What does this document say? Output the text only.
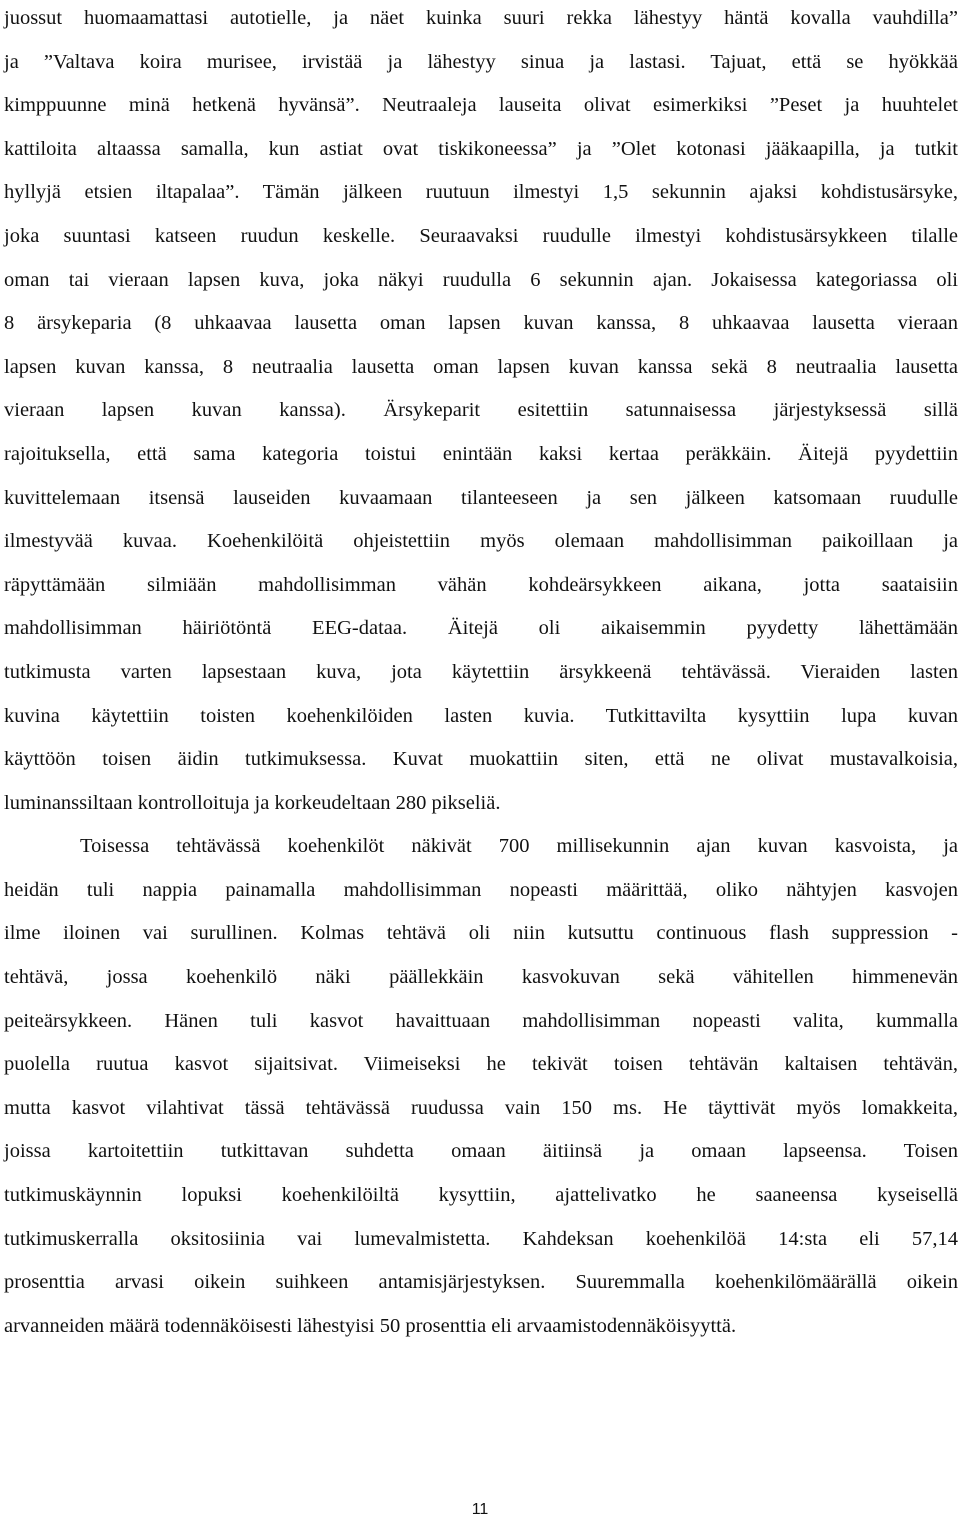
juossut huomaamattasi autotielle, ja näet kuinka suuri rekka lähestyy häntä kovalla vauhdilla”
ja ”Valtava koira murisee, irvistää ja lähestyy sinua ja lastasi. Tajuat, että se hyökkää
kimppuunne minä hetkenä hyvänsä”. Neutraaleja lauseita olivat esimerkiksi ”Peset ja huuhtelet
kattiloita altaassa samalla, kun astiat ovat tiskikoneessa” ja ”Olet kotonasi jääkaapilla, ja tutkit
hyllyjä etsien iltapalaa”. Tämän jälkeen ruutuun ilmestyi 1,5 sekunnin ajaksi kohdistusärsyke,
joka suuntasi katseen ruudun keskelle. Seuraavaksi ruudulle ilmestyi kohdistusärsykkeen tilalle
oman tai vieraan lapsen kuva, joka näkyi ruudulla 6 sekunnin ajan. Jokaisessa kategoriassa oli
8 ärsykeparia (8 uhkaavaa lausetta oman lapsen kuvan kanssa, 8 uhkaavaa lausetta vieraan
lapsen kuvan kanssa, 8 neutraalia lausetta oman lapsen kuvan kanssa sekä 8 neutraalia lausetta
vieraan lapsen kuvan kanssa). Ärsykeparit esitettiin satunnaisessa järjestyksessä sillä
rajoituksella, että sama kategoria toistui enintään kaksi kertaa peräkkäin. Äitejä pyydettiin
kuvittelemaan itsensä lauseiden kuvaamaan tilanteeseen ja sen jälkeen katsomaan ruudulle
ilmestyvää kuvaa. Koehenkilöitä ohjeistettiin myös olemaan mahdollisimman paikoillaan ja
räpyttämään silmiään mahdollisimman vähän kohdeärsykkeen aikana, jotta saataisiin
mahdollisimman häiriötöntä EEG-dataa. Äitejä oli aikaisemmin pyydetty lähettämään
tutkimusta varten lapsestaan kuva, jota käytettiin ärsykkeenä tehtävässä. Vieraiden lasten
kuvina käytettiin toisten koehenkilöiden lasten kuvia. Tutkittavilta kysyttiin lupa kuvan
käyttöön toisen äidin tutkimuksessa. Kuvat muokattiin siten, että ne olivat mustavalkoisia,
luminanssiltaan kontrolloituja ja korkeudeltaan 280 pikseliä.
Toisessa tehtävässä koehenkilöt näkivät 700 millisekunnin ajan kuvan kasvoista, ja
heidän tuli nappia painamalla mahdollisimman nopeasti määrittää, oliko nähtyjen kasvojen
ilme iloinen vai surullinen. Kolmas tehtävä oli niin kutsuttu continuous flash suppression -
tehtävä, jossa koehenkilö näki päällekkäin kasvokuvan sekä vähitellen himmenevän
peiteärsykkeen. Hänen tuli kasvot havaittuaan mahdollisimman nopeasti valita, kummalla
puolella ruutua kasvot sijaitsivat. Viimeiseksi he tekivät toisen tehtävän kaltaisen tehtävän,
mutta kasvot vilahtivat tässä tehtävässä ruudussa vain 150 ms. He täyttivät myös lomakkeita,
joissa kartoitettiin tutkittavan suhdetta omaan äitiinsä ja omaan lapseensa. Toisen
tutkimuskäynnin lopuksi koehenkilöiltä kysyttiin, ajattelivatko he saaneensa kyseisellä
tutkimuskerralla oksitosiinia vai lumevalmistetta. Kahdeksan koehenkilöä 14:sta eli 57,14
prosenttia arvasi oikein suihkeen antamisjärjestyksen. Suuremmalla koehenkilömäärällä oikein
arvanneiden määrä todennäköisesti lähestyisi 50 prosenttia eli arvaamistodennäköisyyttä.
11
